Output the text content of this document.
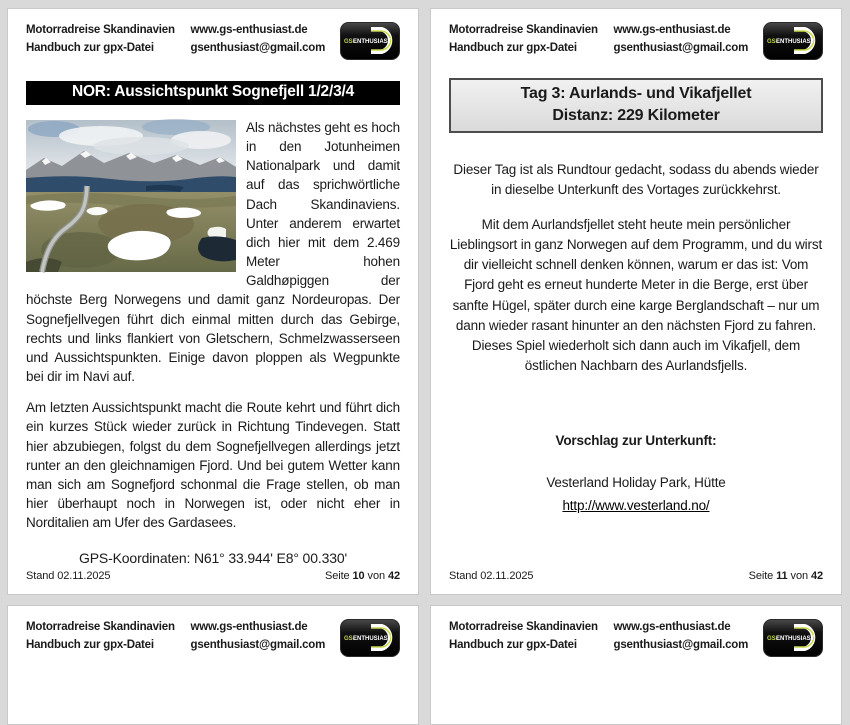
Motorradreise Skandinavien
Handbuch zur gpx-Datei
www.gs-enthusiast.de
gsenthusiast@gmail.com	GS-
ENTHUSIAST
NOR: Aussichtspunkt Sognefjell 1/2/3/4

Als nächstes geht es hoch in den Jotunheimen Nationalpark und damit auf das sprichwörtliche Dach Skandinaviens. Unter anderem erwartet dich hier mit dem 2.469 Meter hohen Galdhøpiggen der höchste Berg Norwegens und damit ganz Nordeuropas. Der Sognefjellvegen führt dich einmal mitten durch das Gebirge, rechts und links flankiert von Gletschern, Schmelzwasserseen und Aussichtspunkten. Einige davon ploppen als Wegpunkte bei dir im Navi auf.

Am letzten Aussichtspunkt macht die Route kehrt und führt dich ein kurzes Stück wieder zurück in Richtung Tindevegen. Statt hier abzubiegen, folgst du dem Sognefjellvegen allerdings jetzt runter an den gleichnamigen Fjord. Und bei gutem Wetter kann man sich am Sognefjord schonmal die Frage stellen, ob man hier überhaupt noch in Norwegen ist, oder nicht eher in Norditalien am Ufer des Gardasees.

GPS-Koordinaten: N61° 33.944' E8° 00.330'
Stand 02.11.2025	Seite 10 von 42
Motorradreise Skandinavien
Handbuch zur gpx-Datei
www.gs-enthusiast.de
gsenthusiast@gmail.com	GS-
ENTHUSIAST
Tag 3: Aurlands- und Vikafjellet
Distanz: 229 Kilometer

Dieser Tag ist als Rundtour gedacht, sodass du abends wieder in dieselbe Unterkunft des Vortages zurückkehrst.

Mit dem Aurlandsfjellet steht heute mein persönlicher Lieblingsort in ganz Norwegen auf dem Programm, und du wirst dir vielleicht schnell denken können, warum er das ist: Vom Fjord geht es erneut hunderte Meter in die Berge, erst über sanfte Hügel, später durch eine karge Berglandschaft – nur um dann wieder rasant hinunter an den nächsten Fjord zu fahren. Dieses Spiel wiederholt sich dann auch im Vikafjell, dem östlichen Nachbarn des Aurlandsfjells.

Vorschlag zur Unterkunft:
Vesterland Holiday Park, Hütte
http://www.vesterland.no/
Stand 02.11.2025	Seite 11 von 42
Motorradreise Skandinavien
Handbuch zur gpx-Datei
www.gs-enthusiast.de
gsenthusiast@gmail.com	GS-
ENTHUSIAST
Motorradreise Skandinavien
Handbuch zur gpx-Datei
www.gs-enthusiast.de
gsenthusiast@gmail.com	GS-
ENTHUSIAST
